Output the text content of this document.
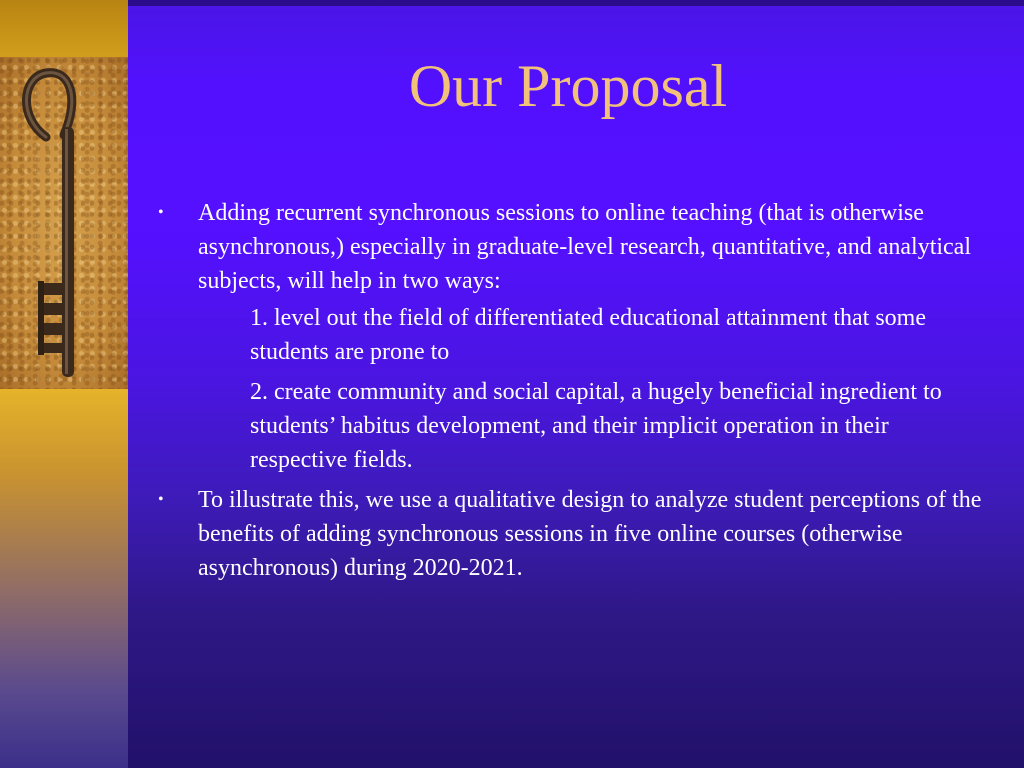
Our Proposal
• Adding recurrent synchronous sessions to online teaching (that is otherwise asynchronous,) especially in graduate-level research, quantitative, and analytical subjects, will help in two ways:
1. level out the field of differentiated educational attainment that some students are prone to
2. create community and social capital, a hugely beneficial ingredient to students’ habitus development, and their implicit operation in their respective fields.
• To illustrate this, we use a qualitative design to analyze student perceptions of the benefits of adding synchronous sessions in five online courses (otherwise asynchronous) during 2020-2021.
